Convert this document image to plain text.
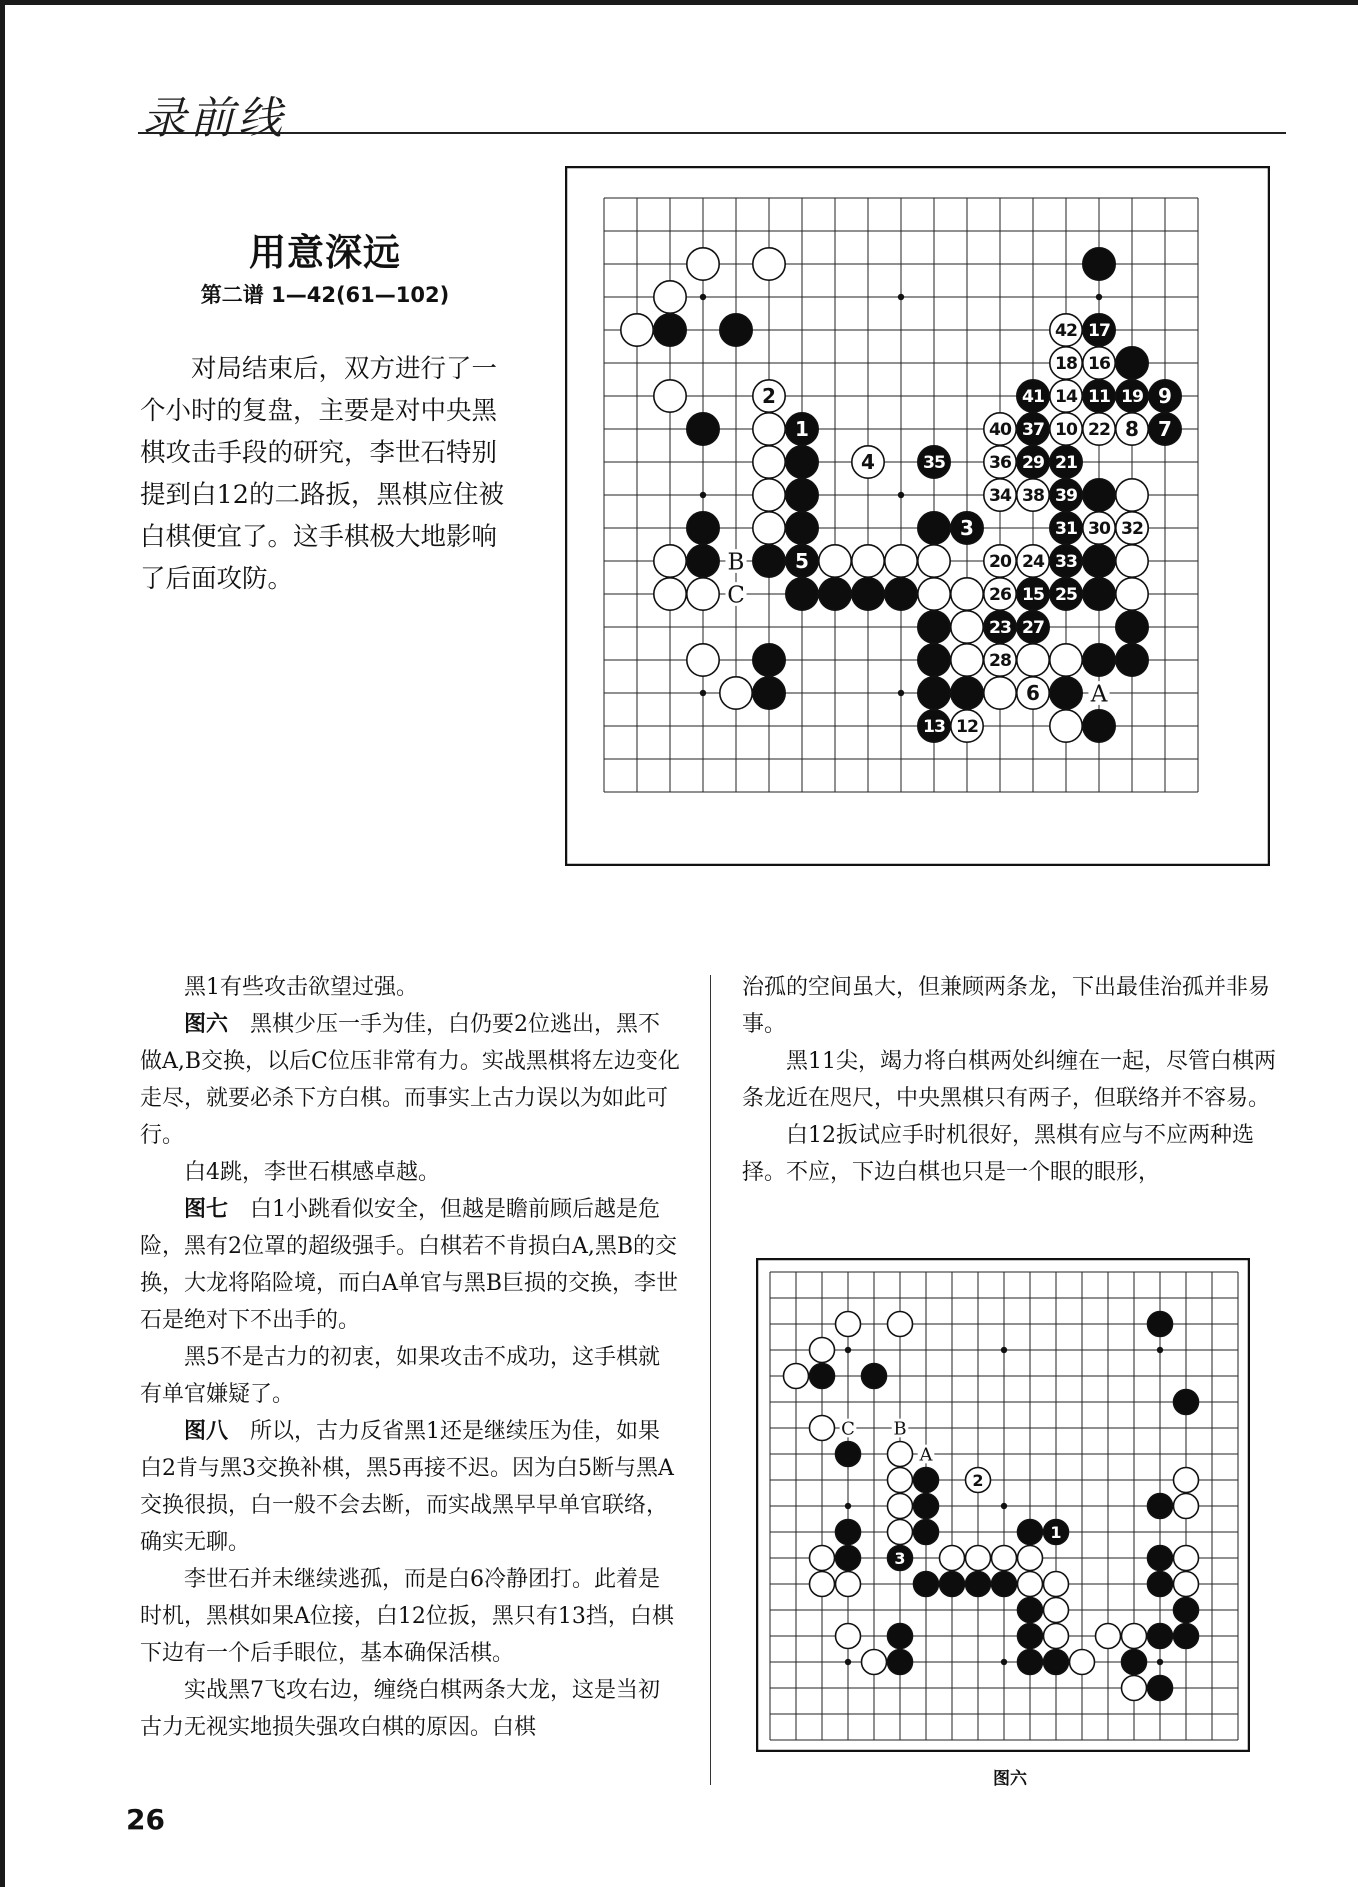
录前线
用意深远
第二谱 1—42(61—102)

对局结束后，双方进行了一个小时的复盘，主要是对中央黑棋攻击手段的研究，李世石特别提到白12的二路扳，黑棋应住被白棋便宜了。这手棋极大地影响了后面攻防。

1
2
3
4
5
6
7
8
9
10
11
12
13
14
15
16
17
18
19
20
21
22
23
24
25
26
27
28
29
30
31	32
33
34
35	36
37
38 39
40
41
42
A
B
C

黑1有些攻击欲望过强。

图六　黑棋少压一手为佳，白仍要2位逃出，黑不做A,B交换，以后C位压非常有力。实战黑棋将左边变化走尽，就要必杀下方白棋。而事实上古力误以为如此可行。

白4跳，李世石棋感卓越。

图七　白1小跳看似安全，但越是瞻前顾后越是危险，黑有2位罩的超级强手。白棋若不肯损白A,黑B的交换，大龙将陷险境，而白A单官与黑B巨损的交换，李世石是绝对下不出手的。

黑5不是古力的初衷，如果攻击不成功，这手棋就有单官嫌疑了。

图八　所以，古力反省黑1还是继续压为佳，如果白2肯与黑3交换补棋，黑5再接不迟。因为白5断与黑A交换很损，白一般不会去断，而实战黑早早单官联络，确实无聊。

李世石并未继续逃孤，而是白6冷静团打。此着是时机，黑棋如果A位接，白12位扳，黑只有13挡，白棋下边有一个后手眼位，基本确保活棋。

实战黑7飞攻右边，缠绕白棋两条大龙，这是当初古力无视实地损失强攻白棋的原因。白棋

治孤的空间虽大，但兼顾两条龙，下出最佳治孤并非易事。

黑11尖，竭力将白棋两处纠缠在一起，尽管白棋两条龙近在咫尺，中央黑棋只有两子，但联络并不容易。

白12扳试应手时机很好，黑棋有应与不应两种选择。不应，下边白棋也只是一个眼的眼形，

1
2
3
A
B
C
图六
26
